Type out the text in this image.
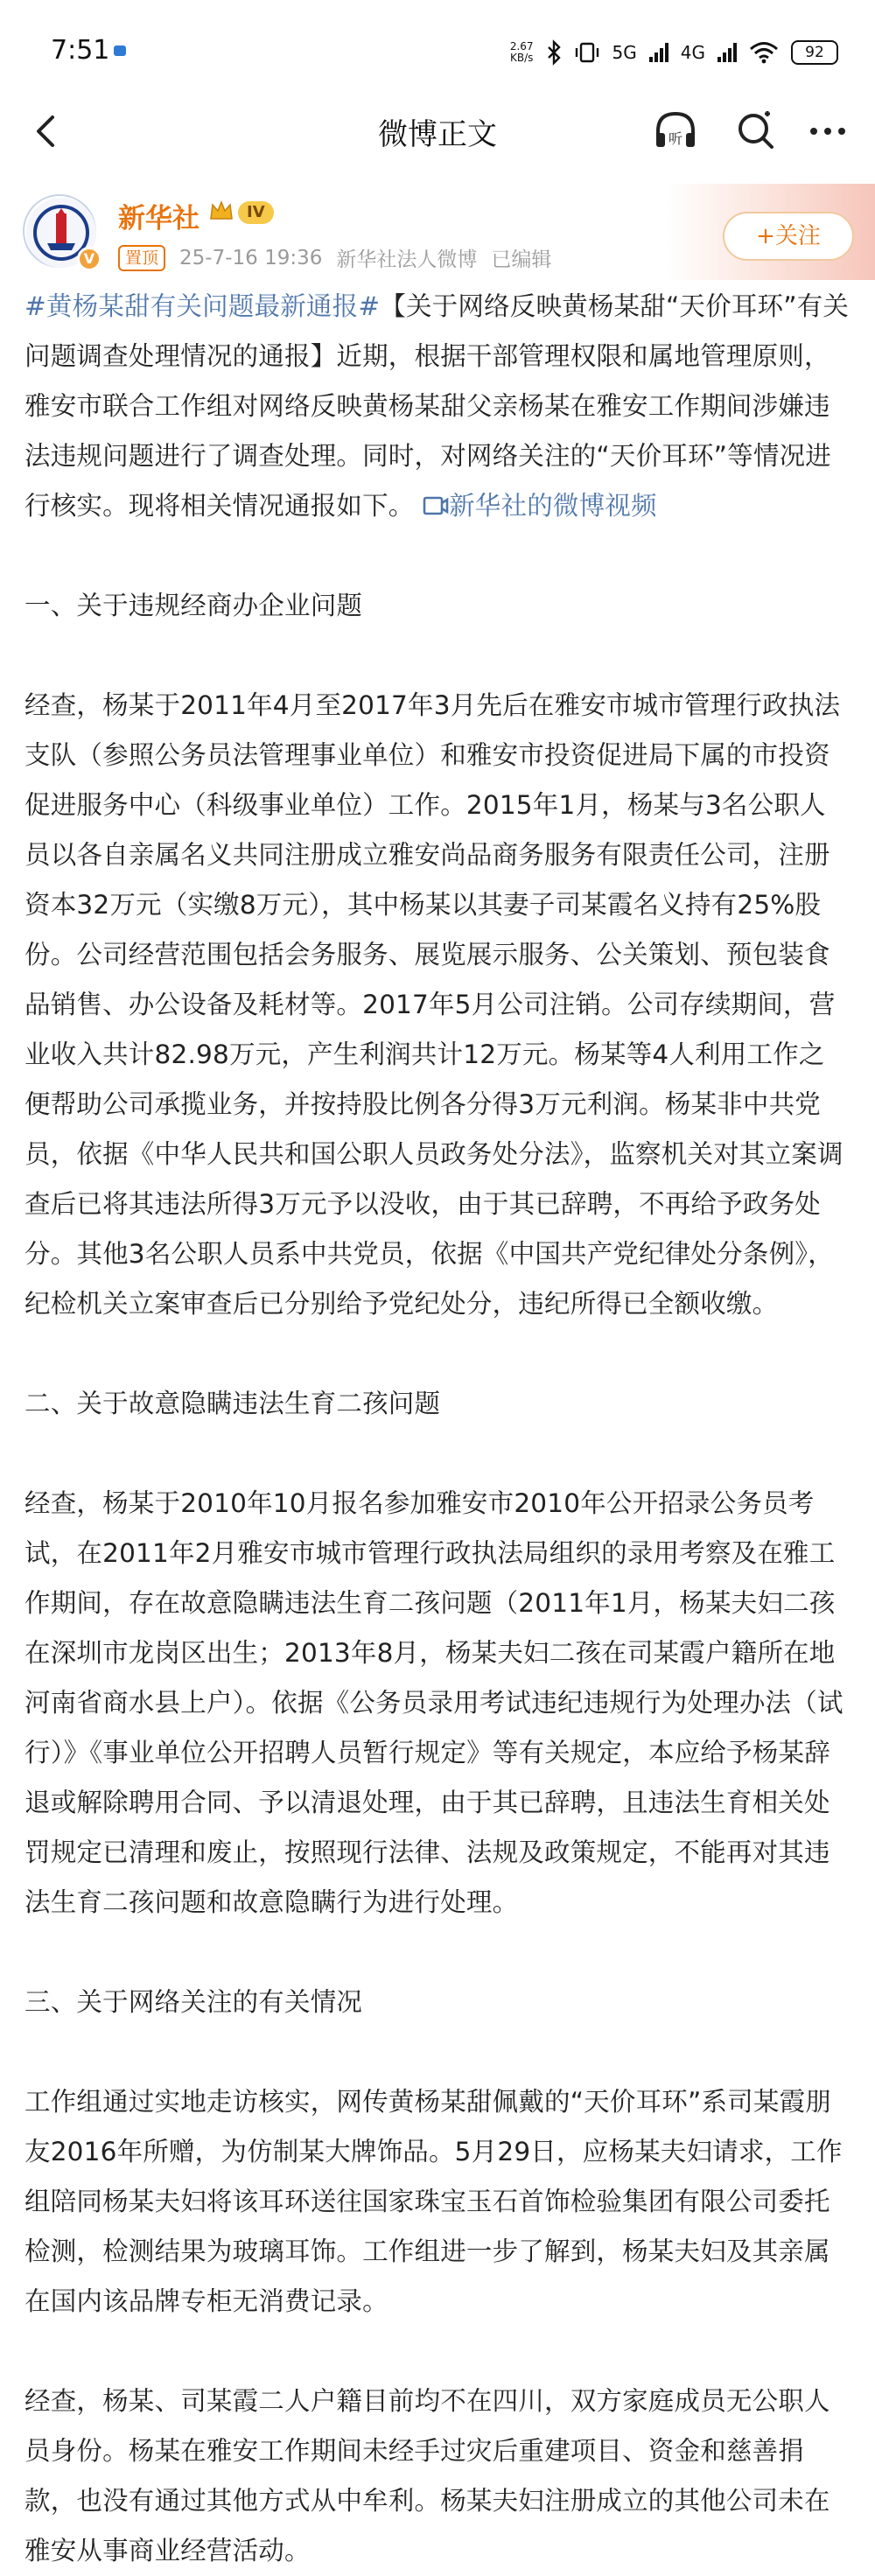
7:51	2.67
KB/s	5G	4G	92
微博正文	听
V
新华社	IV
置顶	25-7-16 19:36 新华社法人微博 已编辑
+关注

#黄杨某甜有关问题最新通报#【关于网络反映黄杨某甜“天价耳环”有关问题调查处理情况的通报】近期，根据干部管理权限和属地管理原则，雅安市联合工作组对网络反映黄杨某甜父亲杨某在雅安工作期间涉嫌违法违规问题进行了调查处理。同时，对网络关注的“天价耳环”等情况进行核实。现将相关情况通报如下。 新华社的微博视频

一、关于违规经商办企业问题

经查，杨某于2011年4月至2017年3月先后在雅安市城市管理行政执法支队（参照公务员法管理事业单位）和雅安市投资促进局下属的市投资促进服务中心（科级事业单位）工作。2015年1月，杨某与3名公职人员以各自亲属名义共同注册成立雅安尚品商务服务有限责任公司，注册资本32万元（实缴8万元），其中杨某以其妻子司某霞名义持有25%股份。公司经营范围包括会务服务、展览展示服务、公关策划、预包装食品销售、办公设备及耗材等。2017年5月公司注销。公司存续期间，营业收入共计82.98万元，产生利润共计12万元。杨某等4人利用工作之便帮助公司承揽业务，并按持股比例各分得3万元利润。杨某非中共党员，依据《中华人民共和国公职人员政务处分法》，监察机关对其立案调查后已将其违法所得3万元予以没收，由于其已辞聘，不再给予政务处分。其他3名公职人员系中共党员，依据《中国共产党纪律处分条例》，纪检机关立案审查后已分别给予党纪处分，违纪所得已全额收缴。

二、关于故意隐瞒违法生育二孩问题

经查，杨某于2010年10月报名参加雅安市2010年公开招录公务员考试，在2011年2月雅安市城市管理行政执法局组织的录用考察及在雅工作期间，存在故意隐瞒违法生育二孩问题（2011年1月，杨某夫妇二孩在深圳市龙岗区出生；2013年8月，杨某夫妇二孩在司某霞户籍所在地河南省商水县上户）。依据《公务员录用考试违纪违规行为处理办法（试行）》《事业单位公开招聘人员暂行规定》等有关规定，本应给予杨某辞退或解除聘用合同、予以清退处理，由于其已辞聘，且违法生育相关处罚规定已清理和废止，按照现行法律、法规及政策规定，不能再对其违法生育二孩问题和故意隐瞒行为进行处理。

三、关于网络关注的有关情况

工作组通过实地走访核实，网传黄杨某甜佩戴的“天价耳环”系司某霞朋友2016年所赠，为仿制某大牌饰品。5月29日，应杨某夫妇请求，工作组陪同杨某夫妇将该耳环送往国家珠宝玉石首饰检验集团有限公司委托检测，检测结果为玻璃耳饰。工作组进一步了解到，杨某夫妇及其亲属在国内该品牌专柜无消费记录。

经查，杨某、司某霞二人户籍目前均不在四川，双方家庭成员无公职人员身份。杨某在雅安工作期间未经手过灾后重建项目、资金和慈善捐款，也没有通过其他方式从中牟利。杨某夫妇注册成立的其他公司未在雅安从事商业经营活动。
